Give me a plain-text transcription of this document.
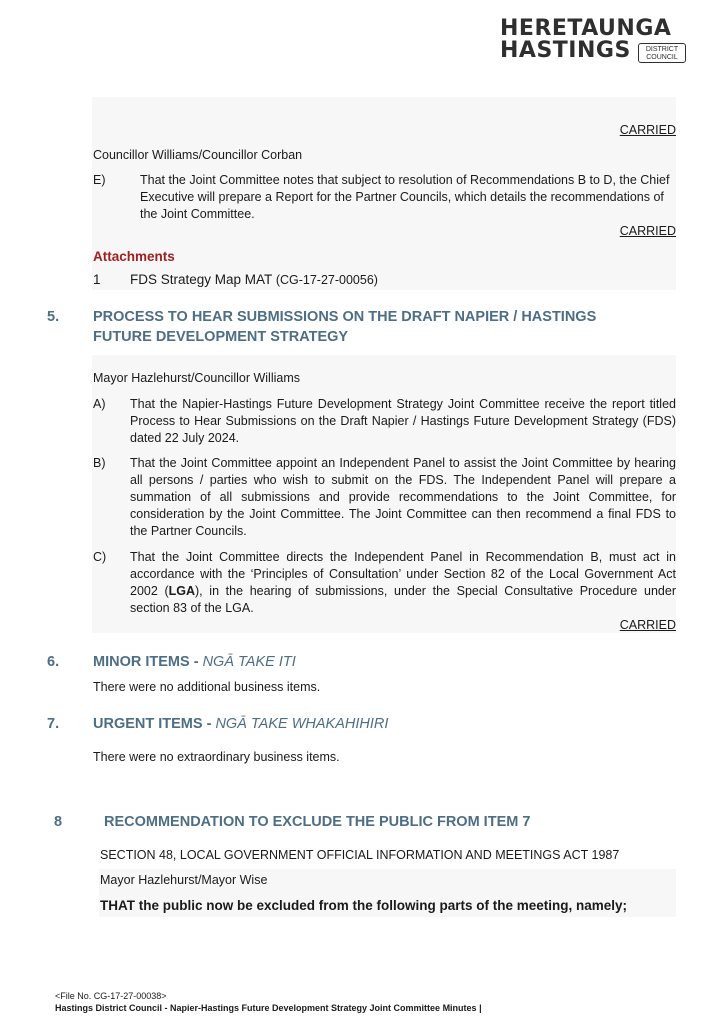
HERETAUNGA
HASTINGS	DISTRICT COUNCIL
CARRIED
Councillor Williams/Councillor Corban
E)	That the Joint Committee notes that subject to resolution of Recommendations B to D, the Chief Executive will prepare a Report for the Partner Councils, which details the recommendations of the Joint Committee.
CARRIED
Attachments
1 FDS Strategy Map MAT (CG-17-27-00056)
5. PROCESS TO HEAR SUBMISSIONS ON THE DRAFT NAPIER / HASTINGS FUTURE DEVELOPMENT STRATEGY
Mayor Hazlehurst/Councillor Williams
A) That the Napier-Hastings Future Development Strategy Joint Committee receive the report titled Process to Hear Submissions on the Draft Napier / Hastings Future Development Strategy (FDS) dated 22 July 2024.
B) That the Joint Committee appoint an Independent Panel to assist the Joint Committee by hearing all persons / parties who wish to submit on the FDS. The Independent Panel will prepare a summation of all submissions and provide recommendations to the Joint Committee, for consideration by the Joint Committee. The Joint Committee can then recommend a final FDS to the Partner Councils.
C) That the Joint Committee directs the Independent Panel in Recommendation B, must act in accordance with the ‘Principles of Consultation’ under Section 82 of the Local Government Act 2002 (LGA), in the hearing of submissions, under the Special Consultative Procedure under section 83 of the LGA.
CARRIED
6. MINOR ITEMS - NGĀ TAKE ITI
There were no additional business items.
7. URGENT ITEMS - NGĀ TAKE WHAKAHIHIRI
There were no extraordinary business items.
8	RECOMMENDATION TO EXCLUDE THE PUBLIC FROM ITEM 7
SECTION 48, LOCAL GOVERNMENT OFFICIAL INFORMATION AND MEETINGS ACT 1987
Mayor Hazlehurst/Mayor Wise
THAT the public now be excluded from the following parts of the meeting, namely;
<File No. CG-17-27-00038>
Hastings District Council - Napier-Hastings Future Development Strategy Joint Committee Minutes |
